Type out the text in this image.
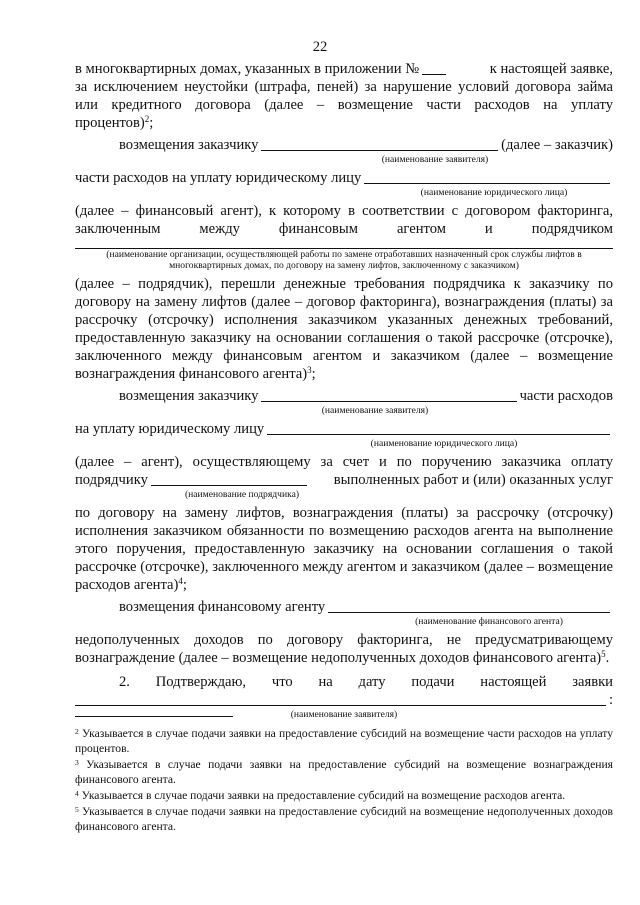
22
в многоквартирных домах, указанных в приложении №	к настоящей заявке,

за исключением неустойки (штрафа, пеней) за нарушение условий договора займа

или кредитного договора (далее – возмещение части расходов на уплату

процентов)$^2$;

возмещения заказчику	(далее – заказчик)
(наименование заявителя)
части расходов на уплату юридическому лицу
(наименование юридического лица)

(далее – финансовый агент), к которому в соответствии с договором факторинга,

заключенным между финансовым агентом и подрядчиком

(наименование организации, осуществляющей работы по замене отработавших назначенный срок службы лифтов в многоквартирных домах, по договору на замену лифтов, заключенному с заказчиком)

(далее – подрядчик), перешли денежные требования подрядчика к заказчику по договору на замену лифтов (далее – договор факторинга), вознаграждения (платы) за рассрочку (отсрочку) исполнения заказчиком указанных денежных требований, предоставленную заказчику на основании соглашения о такой рассрочке (отсрочке), заключенного между финансовым агентом и заказчиком (далее – возмещение вознаграждения финансового агента)$^3$;

возмещения заказчику	части расходов
(наименование заявителя)
на уплату юридическому лицу
(наименование юридического лица)

(далее – агент), осуществляющему за счет и по поручению заказчика оплату

подрядчику	выполненных работ и (или) оказанных услуг
(наименование подрядчика)

по договору на замену лифтов, вознаграждения (платы) за рассрочку (отсрочку) исполнения заказчиком обязанности по возмещению расходов агента на выполнение этого поручения, предоставленную заказчику на основании соглашения о такой рассрочке (отсрочке), заключенного между агентом и заказчиком (далее – возмещение расходов агента)$^4$;

возмещения финансовому агенту
(наименование финансового агента)

недополученных доходов по договору факторинга, не предусматривающему вознаграждение (далее – возмещение недополученных доходов финансового агента)$^5$.

2. Подтверждаю, что на дату подачи настоящей заявки

:
(наименование заявителя)

$^2$ Указывается в случае подачи заявки на предоставление субсидий на возмещение части расходов на уплату процентов.

$^3$ Указывается в случае подачи заявки на предоставление субсидий на возмещение вознаграждения финансового агента.

$^4$ Указывается в случае подачи заявки на предоставление субсидий на возмещение расходов агента.

$^5$ Указывается в случае подачи заявки на предоставление субсидий на возмещение недополученных доходов финансового агента.
